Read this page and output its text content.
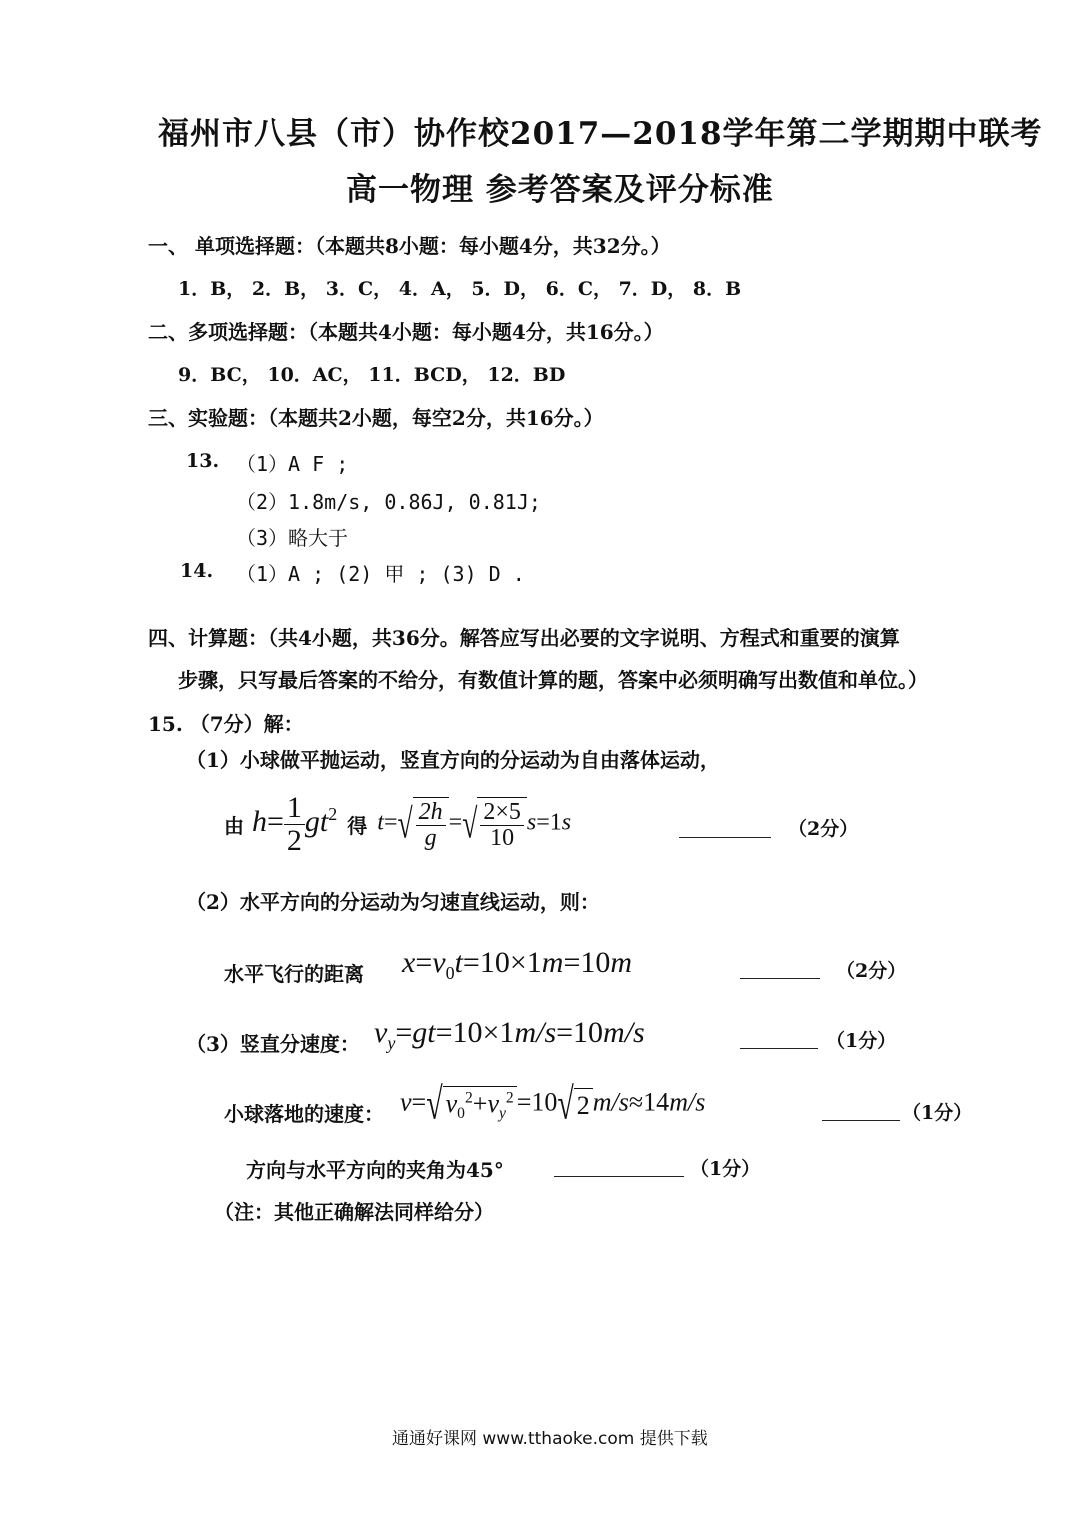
福州市八县（市）协作校2017—2018学年第二学期期中联考
高一物理 参考答案及评分标准
一、 单项选择题：（本题共8小题：每小题4分，共32分。）
1．B， 2．B， 3．C， 4．A， 5．D， 6．C， 7．D， 8．B
二、多项选择题：（本题共4小题：每小题4分，共16分。）
9．BC， 10．AC， 11．BCD， 12．BD
三、实验题：（本题共2小题，每空2分，共16分。）
13. （1）A F ;
（2）1.8m/s, 0.86J, 0.81J;
（3）略大于
14. （1）A ; (2) 甲 ; (3) D .
四、计算题：（共4小题，共36分。解答应写出必要的文字说明、方程式和重要的演算
步骤，只写最后答案的不给分，有数值计算的题，答案中必须明确写出数值和单位。）
15. （7分）解：
（1）小球做平抛运动，竖直方向的分运动为自由落体运动，
由 $h= \frac{1}{2} gt^2$ 得 $t=√ \frac{2h}{g}$ =√ $\frac{2\times 5}{10} s=1s$	（2分）
（2）水平方向的分运动为匀速直线运动，则：
水平飞行的距离 $x=v_0t=10\times 1m=10m$	（2分）
（3）竖直分速度： $v_y=gt=10\times 1m/s=10m/s$	（1分）
小球落地的速度： v=√ $v_0^2+v_y^2 =10√$ 2 m/s≈14m/s	（1分）
方向与水平方向的夹角为45°	（1分）
（注：其他正确解法同样给分）
通通好课网 www.tthaoke.com 提供下载
